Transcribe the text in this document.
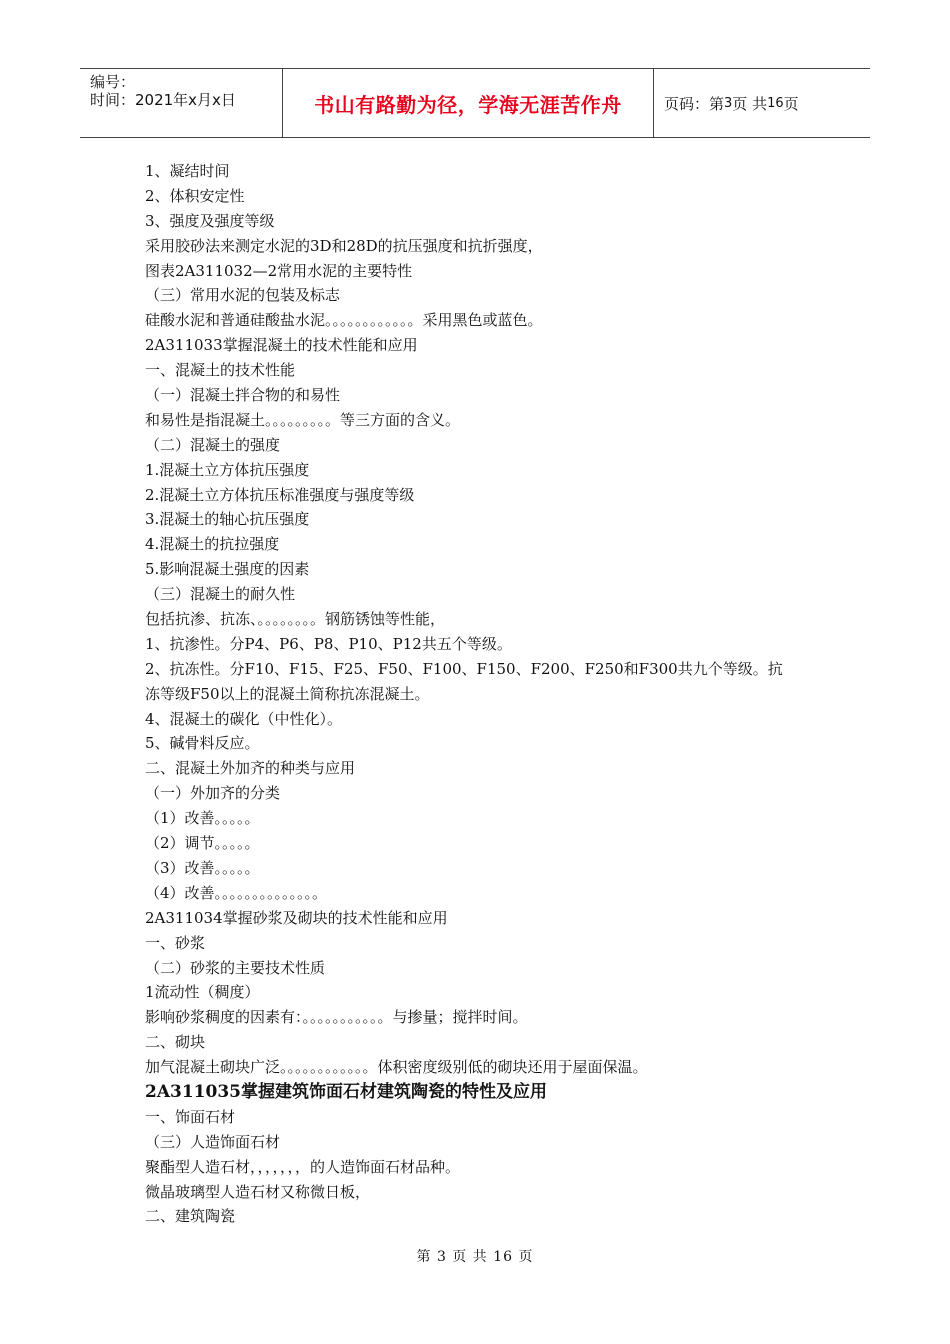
编号：
时间：2021年x月x日	书山有路勤为径，学海无涯苦作舟	页码：第 3 页 共 16 页
1、凝结时间
2、体积安定性
3、强度及强度等级
采用胶砂法来测定水泥的3D和28D的抗压强度和抗折强度，
图表2A311032—2常用水泥的主要特性
（三）常用水泥的包装及标志
硅酸水泥和普通硅酸盐水泥。。。。。。。。。。。。采用黑色或蓝色。
2A311033掌握混凝土的技术性能和应用
一、混凝土的技术性能
（一）混凝土拌合物的和易性
和易性是指混凝土。。。。。。。。。等三方面的含义。
（二）混凝土的强度
1.混凝土立方体抗压强度
2.混凝土立方体抗压标准强度与强度等级
3.混凝土的轴心抗压强度
4.混凝土的抗拉强度
5.影响混凝土强度的因素
（三）混凝土的耐久性
包括抗渗、抗冻、。。。。。。。。钢筋锈蚀等性能，
1、抗渗性。分P4、P6、P8、P10、P12共五个等级。
2、抗冻性。分F10、F15、F25、F50、F100、F150、F200、F250和F300共九个等级。抗
冻等级F50以上的混凝土简称抗冻混凝土。
4、混凝土的碳化（中性化）。
5、碱骨料反应。
二、混凝土外加齐的种类与应用
（一）外加齐的分类
（1）改善。。。。。
（2）调节。。。。。
（3）改善。。。。。
（4）改善。。。。。。。。。。。。。。
2A311034掌握砂浆及砌块的技术性能和应用
一、砂浆
（二）砂浆的主要技术性质
1流动性（稠度）
影响砂浆稠度的因素有：。。。。。。。。。。。与掺量；搅拌时间。
二、砌块
加气混凝土砌块广泛。。。。。。。。。。。。体积密度级别低的砌块还用于屋面保温。
2A311035掌握建筑饰面石材建筑陶瓷的特性及应用
一、饰面石材
（三）人造饰面石材
聚酯型人造石材，，，，，，，的人造饰面石材品种。
微晶玻璃型人造石材又称微日板，
二、建筑陶瓷
第 3 页 共 16 页
